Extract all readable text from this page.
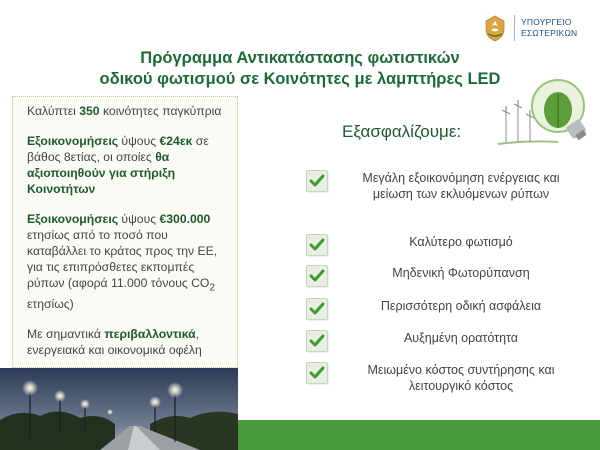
ΥΠΟΥΡΓΕΙΟ
ΕΣΩΤΕΡΙΚΩΝ
Πρόγραμμα Αντικατάστασης φωτιστικών
οδικού φωτισμού σε Κοινότητες με λαμπτήρες LED

Καλύπτει 350 κοινότητες παγκύπρια

Εξοικονομήσεις ύψους €24εκ σε βάθος 8ετίας, οι οποίες θα αξιοποιηθούν για στήριξη Κοινοτήτων

Εξοικονομήσεις ύψους €300.000 ετησίως από το ποσό που καταβάλλει το κράτος προς την ΕΕ, για τις επιπρόσθετες εκπομπές ρύπων (αφορά 11.000 τόνους $CO_2$ ετησίως)

Με σημαντικά περιβαλλοντικά, ενεργειακά και οικονομικά οφέλη

Εξασφαλίζουμε:
Μεγάλη εξοικονόμηση ενέργειας και μείωση των εκλυόμενων ρύπων
Καλύτερο φωτισμό
Μηδενική Φωτορύπανση
Περισσότερη οδική ασφάλεια
Αυξημένη ορατότητα
Μειωμένο κόστος συντήρησης και λειτουργικό κόστος
